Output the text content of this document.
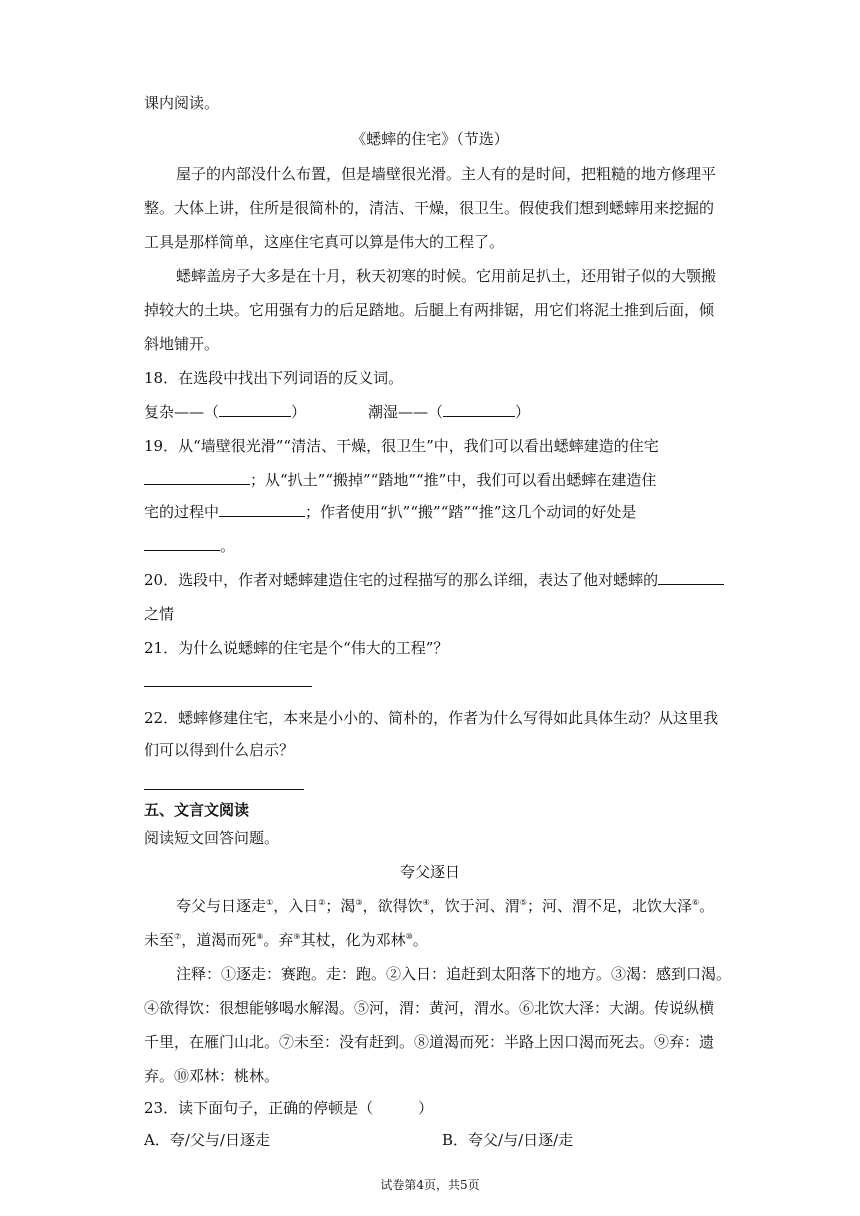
课内阅读。
《蟋蟀的住宅》（节选）
屋子的内部没什么布置，但是墙壁很光滑。主人有的是时间，把粗糙的地方修理平
整。大体上讲，住所是很简朴的，清洁、干燥，很卫生。假使我们想到蟋蟀用来挖掘的
工具是那样简单，这座住宅真可以算是伟大的工程了。
蟋蟀盖房子大多是在十月，秋天初寒的时候。它用前足扒土，还用钳子似的大颚搬
掉较大的土块。它用强有力的后足踏地。后腿上有两排锯，用它们将泥土推到后面，倾
斜地铺开。
18．在选段中找出下列词语的反义词。
复杂——（	）	潮湿——（	）
19．从“墙壁很光滑”“清洁、干燥，很卫生”中，我们可以看出蟋蟀建造的住宅
；从“扒土”“搬掉”“踏地”“推”中，我们可以看出蟋蟀在建造住
宅的过程中	；作者使用“扒”“搬”“踏”“推”这几个动词的好处是
。
20．选段中，作者对蟋蟀建造住宅的过程描写的那么详细，表达了他对蟋蟀的
之情
21．为什么说蟋蟀的住宅是个“伟大的工程”？
22．蟋蟀修建住宅，本来是小小的、简朴的，作者为什么写得如此具体生动？从这里我
们可以得到什么启示？
五、文言文阅读
阅读短文回答问题。
夸父逐日
夸父与日逐走①，入日②；渴③，欲得饮④，饮于河、渭⑤；河、渭不足，北饮大泽⑥。
未至⑦，道渴而死⑧。弃⑨其杖，化为邓林⑩。
注释：①逐走：赛跑。走：跑。②入日：追赶到太阳落下的地方。③渴：感到口渴。
④欲得饮：很想能够喝水解渴。⑤河，渭：黄河，渭水。⑥北饮大泽：大湖。传说纵横
千里，在雁门山北。⑦未至：没有赶到。⑧道渴而死：半路上因口渴而死去。⑨弃：遗
弃。⑩邓林：桃林。
23．读下面句子，正确的停顿是（　　　）
A．夸/父与/日逐走	B．夸父/与/日逐/走
试卷第4页，共5页
